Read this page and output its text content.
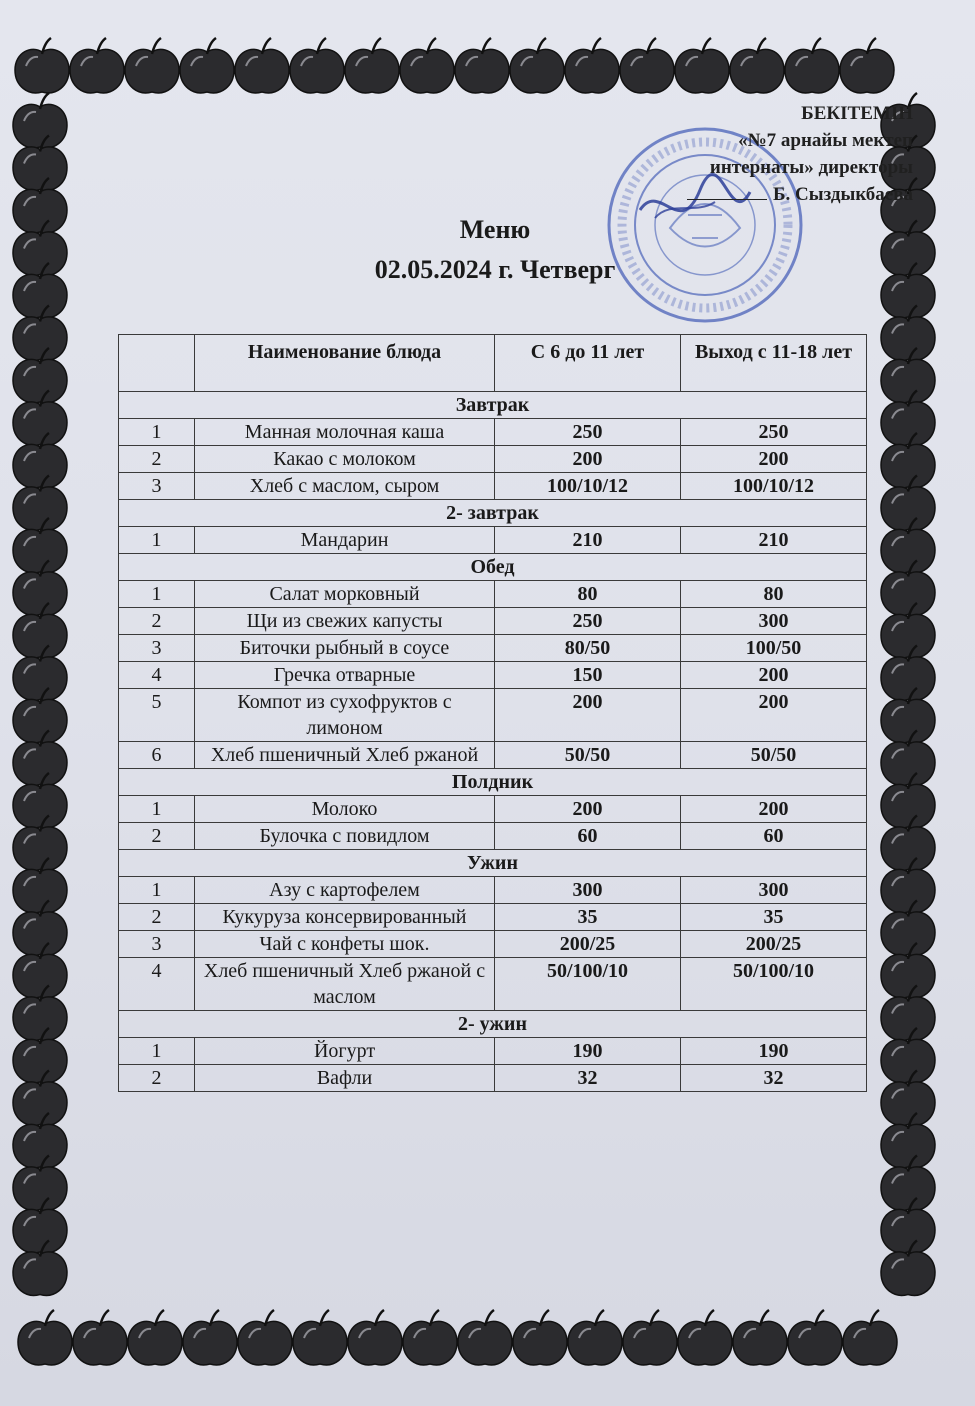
БЕКІТЕМІН
«№7 арнайы мектеп
интернаты» директоры
Б. Сыздыкбаева
Меню
02.05.2024 г. Четверг
	Наименование блюда	С 6 до 11 лет	Выход с 11-18 лет
Завтрак			
1	Манная молочная каша	250	250
2	Какао с молоком	200	200
3	Хлеб с маслом, сыром	100/10/12	100/10/12
2- завтрак			
1	Мандарин	210	210
Обед			
1	Салат морковный	80	80
2	Щи из свежих капусты	250	300
3	Биточки рыбный в соусе	80/50	100/50
4	Гречка отварные	150	200
5	Компот из сухофруктов с лимоном	200	200
6	Хлеб пшеничный Хлеб ржаной	50/50	50/50
Полдник			
1	Молоко	200	200
2	Булочка с повидлом	60	60
Ужин			
1	Азу с картофелем	300	300
2	Кукуруза консервированный	35	35
3	Чай с конфеты шок.	200/25	200/25
4	Хлеб пшеничный Хлеб ржаной с маслом	50/100/10	50/100/10
2- ужин			
1	Йогурт	190	190
2	Вафли	32	32
